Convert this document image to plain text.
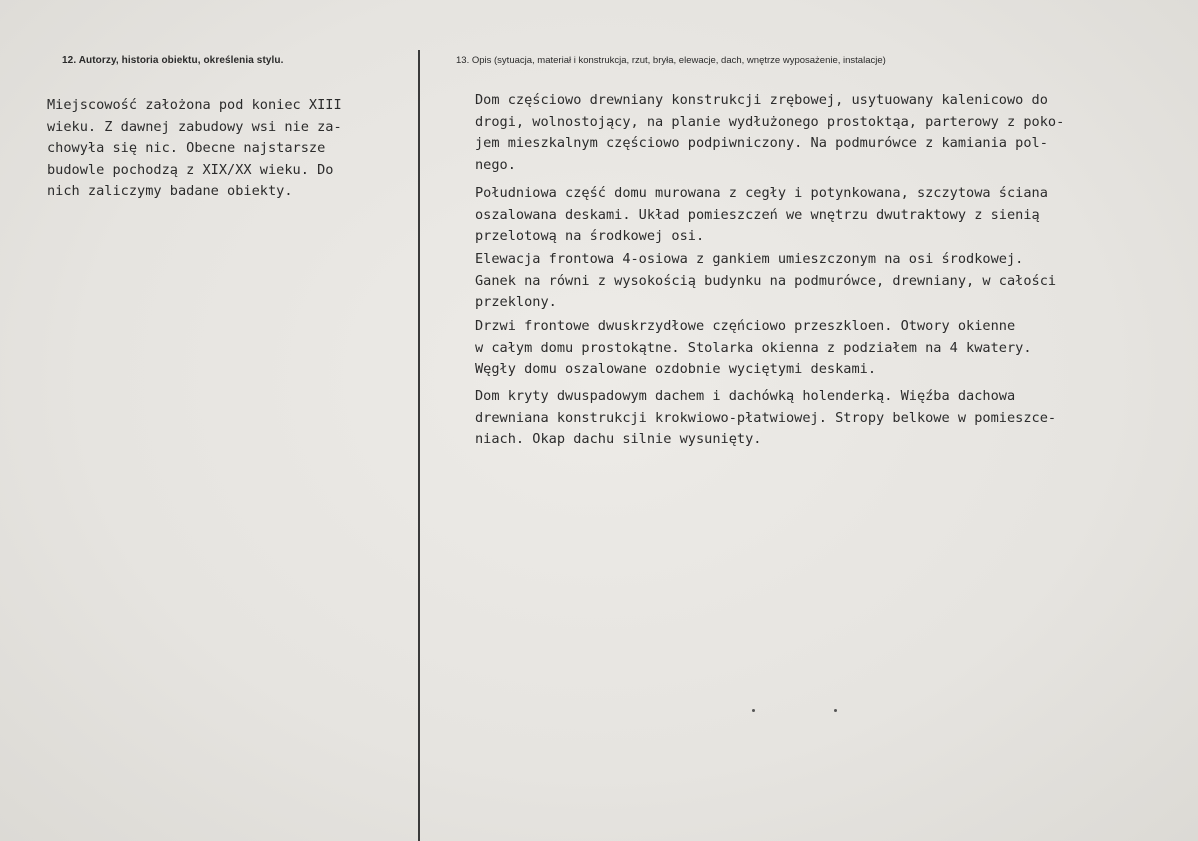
12. Autorzy, historia obiektu, określenia stylu.	13. Opis (sytuacja, materiał i konstrukcja, rzut, bryła, elewacje, dach, wnętrze wyposażenie, instalacje)
Miejscowość założona pod koniec XIII
wieku. Z dawnej zabudowy wsi nie za-
chowyła się nic. Obecne najstarsze
budowle pochodzą z XIX/XX wieku. Do
nich zaliczymy badane obiekty.
Dom częściowo drewniany konstrukcji zrębowej, usytuowany kalenicowo do
drogi, wolnostojący, na planie wydłużonego prostoktąa, parterowy z poko-
jem mieszkalnym częściowo podpiwniczony. Na podmurówce z kamiania pol-
nego.
Południowa część domu murowana z cegły i potynkowana, szczytowa ściana
oszalowana deskami. Układ pomieszczeń we wnętrzu dwutraktowy z sienią
przelotową na środkowej osi.
Elewacja frontowa 4-osiowa z gankiem umieszczonym na osi środkowej.
Ganek na równi z wysokością budynku na podmurówce, drewniany, w całości
przeklony.
Drzwi frontowe dwuskrzydłowe częńciowo przeszkloen. Otwory okienne
w całym domu prostokątne. Stolarka okienna z podziałem na 4 kwatery.
Węgły domu oszalowane ozdobnie wyciętymi deskami.
Dom kryty dwuspadowym dachem i dachówką holenderką. Więźba dachowa
drewniana konstrukcji krokwiowo-płatwiowej. Stropy belkowe w pomieszce-
niach. Okap dachu silnie wysunięty.
